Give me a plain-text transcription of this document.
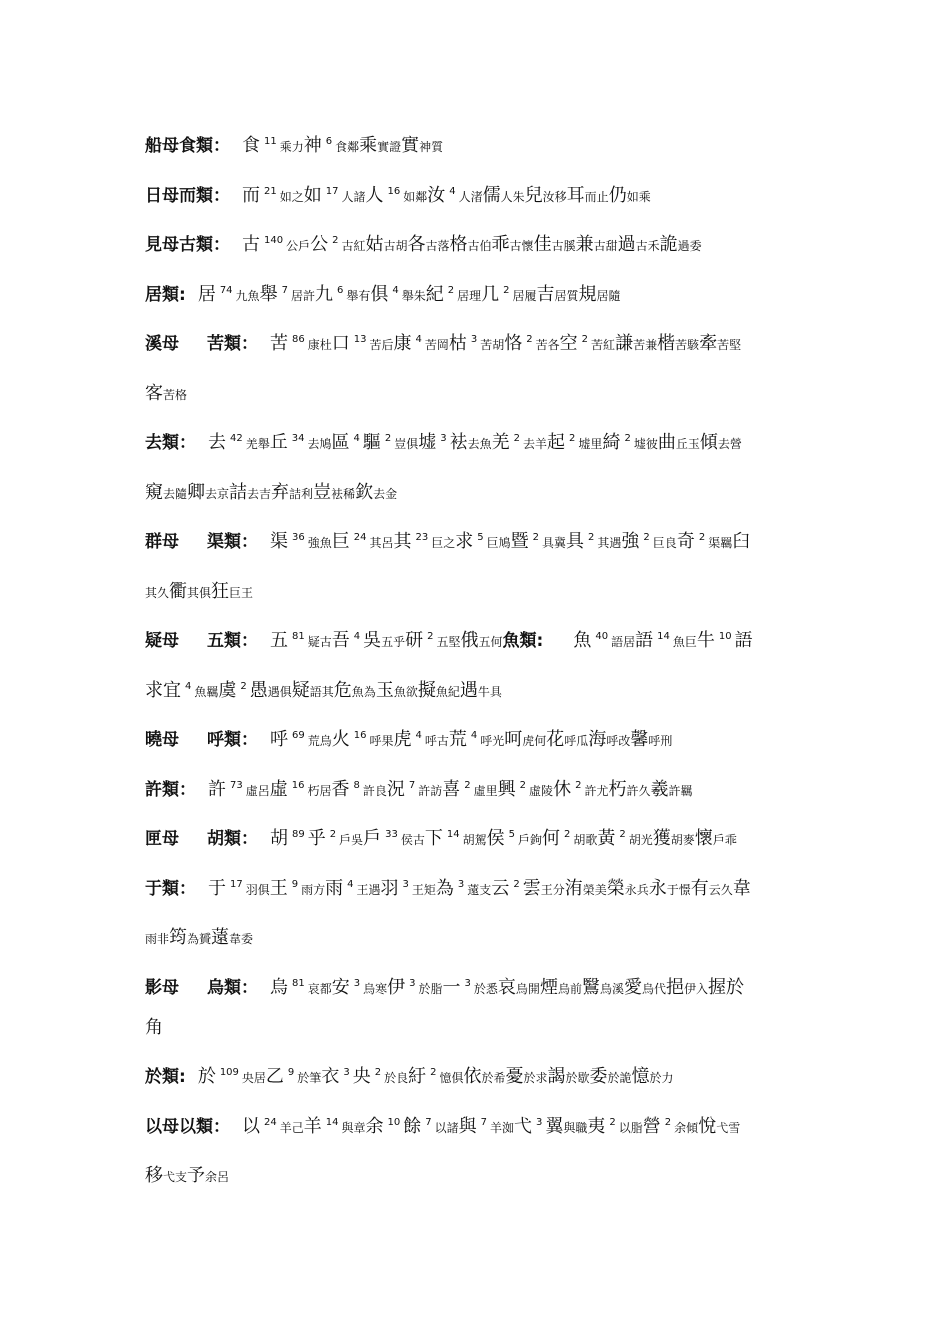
船母食類： 食 $^{11}$ 乘力神 $^6$ 食鄰乘實證實神質
日母而類： 而 $^{21}$ 如之如 $^{17}$ 人諸人 $^{16}$ 如鄰汝 $^4$ 人渚儒人朱兒汝移耳而止仍如乘
見母古類： 古 $^{140}$ 公戶公 $^2$ 古紅姑古胡各古落格古伯乖古懷佳古膎兼古甜過古禾詭過委
居類: 居 $^{74}$ 九魚舉 $^7$ 居許九 $^6$ 舉有俱 $^4$ 舉朱紀 $^2$ 居理几 $^2$ 居履吉居質規居隨
溪母 苦類： 苦 $^{86}$ 康杜口 $^{13}$ 苦后康 $^4$ 苦岡枯 $^3$ 苦胡恪 $^2$ 苦各空 $^2$ 苦紅謙苦兼楷苦駭牽苦堅
客苦格
去類： 去 $^{42}$ 羌舉丘 $^{34}$ 去鳩區 $^4$ 驅 $^2$ 豈俱墟 $^3$ 袪去魚羌 $^2$ 去羊起 $^2$ 墟里綺 $^2$ 墟彼曲丘玉傾去營
窺去隨卿去京詰去吉弃詰利豈袪稀欽去金
群母 渠類： 渠 $^{36}$ 強魚巨 $^{24}$ 其呂其 $^{23}$ 巨之求 $^5$ 巨鳩暨 $^2$ 具冀具 $^2$ 其遇強 $^2$ 巨良奇 $^2$ 渠羈臼
其久衢其俱狂巨王
疑母 五類： 五 $^{81}$ 疑古吾 $^4$ 吳五乎研 $^2$ 五堅俄五何魚類: 魚 $^{40}$ 語居語 $^{14}$ 魚巨牛 $^{10}$ 語
求宜 $^4$ 魚羈虞 $^2$ 愚遇俱疑語其危魚為玉魚欲擬魚紀遇牛具
曉母 呼類： 呼 $^{69}$ 荒烏火 $^{16}$ 呼果虎 $^4$ 呼古荒 $^4$ 呼光呵虎何花呼瓜海呼改馨呼刑
許類： 許 $^{73}$ 虛呂虛 $^{16}$ 朽居香 $^8$ 許良況 $^7$ 許訪喜 $^2$ 虛里興 $^2$ 虛陵休 $^2$ 許尤朽許久羲許羈
匣母 胡類： 胡 $^{89}$ 乎 $^2$ 戶吳戶 $^{33}$ 侯古下 $^{14}$ 胡駕侯 $^5$ 戶鉤何 $^2$ 胡歌黃 $^2$ 胡光獲胡麥懷戶乖
于類： 于 $^{17}$ 羽俱王 $^9$ 雨方雨 $^4$ 王遇羽 $^3$ 王矩為 $^3$ 薳支云 $^2$ 雲王分洧榮美榮永兵永于憬有云久韋
雨非筠為贇薳韋委
影母 烏類： 烏 $^{81}$ 哀都安 $^3$ 烏寒伊 $^3$ 於脂一 $^3$ 於悉哀烏開煙烏前鷖烏溪愛烏代挹伊入握於
角
於類: 於 $^{109}$ 央居乙 $^9$ 於筆衣 $^3$ 央 $^2$ 於良紆 $^2$ 憶俱依於希憂於求謁於歇委於詭憶於力
以母以類： 以 $^{24}$ 羊己羊 $^{14}$ 與章余 $^{10}$ 餘 $^7$ 以諸與 $^7$ 羊洳弋 $^3$ 翼與職夷 $^2$ 以脂營 $^2$ 余傾悅弋雪
移弋支予余呂
